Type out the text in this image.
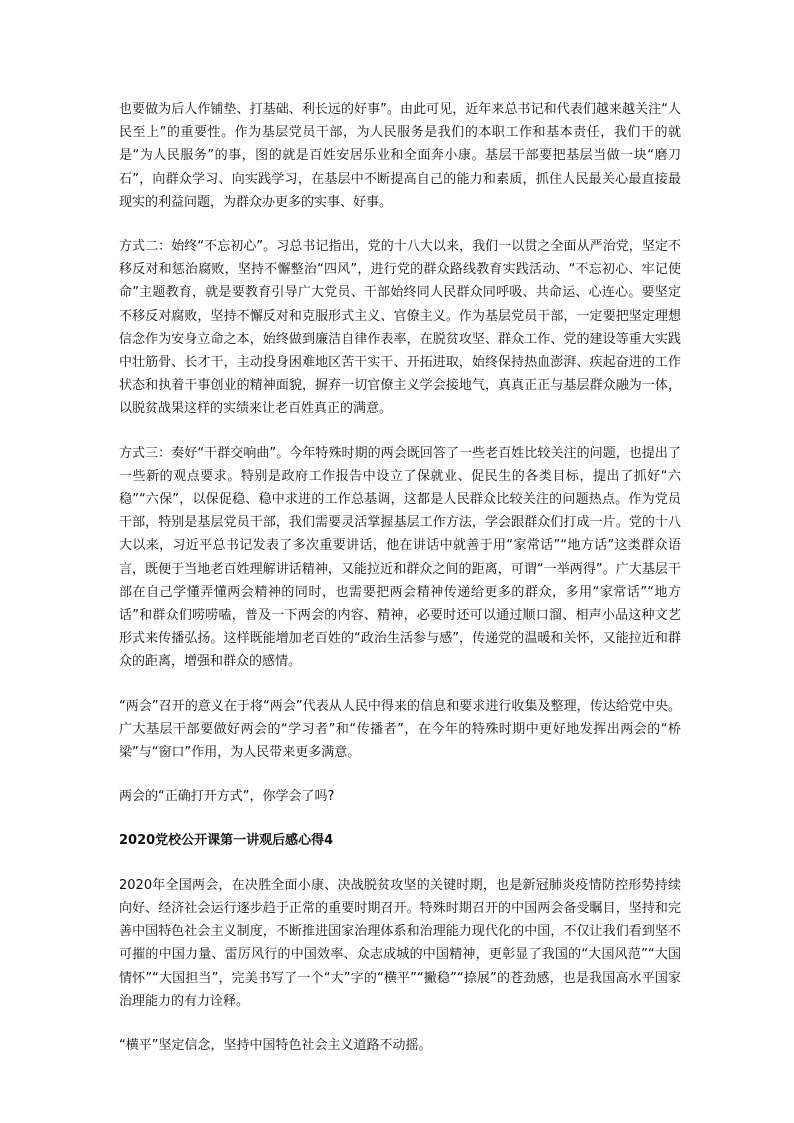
也要做为后人作铺垫、打基础、利长远的好事”。由此可见，近年来总书记和代表们越来越关注“人民至上”的重要性。作为基层党员干部，为人民服务是我们的本职工作和基本责任，我们干的就是“为人民服务”的事，图的就是百姓安居乐业和全面奔小康。基层干部要把基层当做一块“磨刀石”，向群众学习、向实践学习，在基层中不断提高自己的能力和素质，抓住人民最关心最直接最现实的利益问题，为群众办更多的实事、好事。

方式二：始终“不忘初心”。习总书记指出，党的十八大以来，我们一以贯之全面从严治党，坚定不移反对和惩治腐败，坚持不懈整治“四风”，进行党的群众路线教育实践活动、“不忘初心、牢记使命”主题教育，就是要教育引导广大党员、干部始终同人民群众同呼吸、共命运、心连心。要坚定不移反对腐败，坚持不懈反对和克服形式主义、官僚主义。作为基层党员干部，一定要把坚定理想信念作为安身立命之本，始终做到廉洁自律作表率，在脱贫攻坚、群众工作、党的建设等重大实践中壮筋骨、长才干，主动投身困难地区苦干实干、开拓进取，始终保持热血澎湃、疾起奋进的工作状态和执着干事创业的精神面貌，摒弃一切官僚主义学会接地气，真真正正与基层群众融为一体，以脱贫战果这样的实绩来让老百姓真正的满意。

方式三：奏好“干群交响曲”。今年特殊时期的两会既回答了一些老百姓比较关注的问题，也提出了一些新的观点要求。特别是政府工作报告中设立了保就业、促民生的各类目标，提出了抓好“六稳”“六保”，以保促稳、稳中求进的工作总基调，这都是人民群众比较关注的问题热点。作为党员干部，特别是基层党员干部，我们需要灵活掌握基层工作方法，学会跟群众们打成一片。党的十八大以来，习近平总书记发表了多次重要讲话，他在讲话中就善于用“家常话”“地方话”这类群众语言，既便于当地老百姓理解讲话精神，又能拉近和群众之间的距离，可谓“一举两得”。广大基层干部在自己学懂弄懂两会精神的同时，也需要把两会精神传递给更多的群众，多用“家常话”“地方话”和群众们唠唠嗑，普及一下两会的内容、精神，必要时还可以通过顺口溜、相声小品这种文艺形式来传播弘扬。这样既能增加老百姓的“政治生活参与感”，传递党的温暖和关怀，又能拉近和群众的距离，增强和群众的感情。

“两会”召开的意义在于将“两会”代表从人民中得来的信息和要求进行收集及整理，传达给党中央。广大基层干部要做好两会的“学习者”和“传播者”，在今年的特殊时期中更好地发挥出两会的“桥梁”与“窗口”作用，为人民带来更多满意。

两会的“正确打开方式”，你学会了吗?

2020党校公开课第一讲观后感心得4

2020年全国两会，在决胜全面小康、决战脱贫攻坚的关键时期，也是新冠肺炎疫情防控形势持续向好、经济社会运行逐步趋于正常的重要时期召开。特殊时期召开的中国两会备受瞩目，坚持和完善中国特色社会主义制度，不断推进国家治理体系和治理能力现代化的中国，不仅让我们看到坚不可摧的中国力量、雷厉风行的中国效率、众志成城的中国精神，更彰显了我国的“大国风范”“大国情怀”“大国担当”，完美书写了一个“大”字的“横平”“撇稳”“捺展”的苍劲感，也是我国高水平国家治理能力的有力诠释。

“横平”坚定信念，坚持中国特色社会主义道路不动摇。
